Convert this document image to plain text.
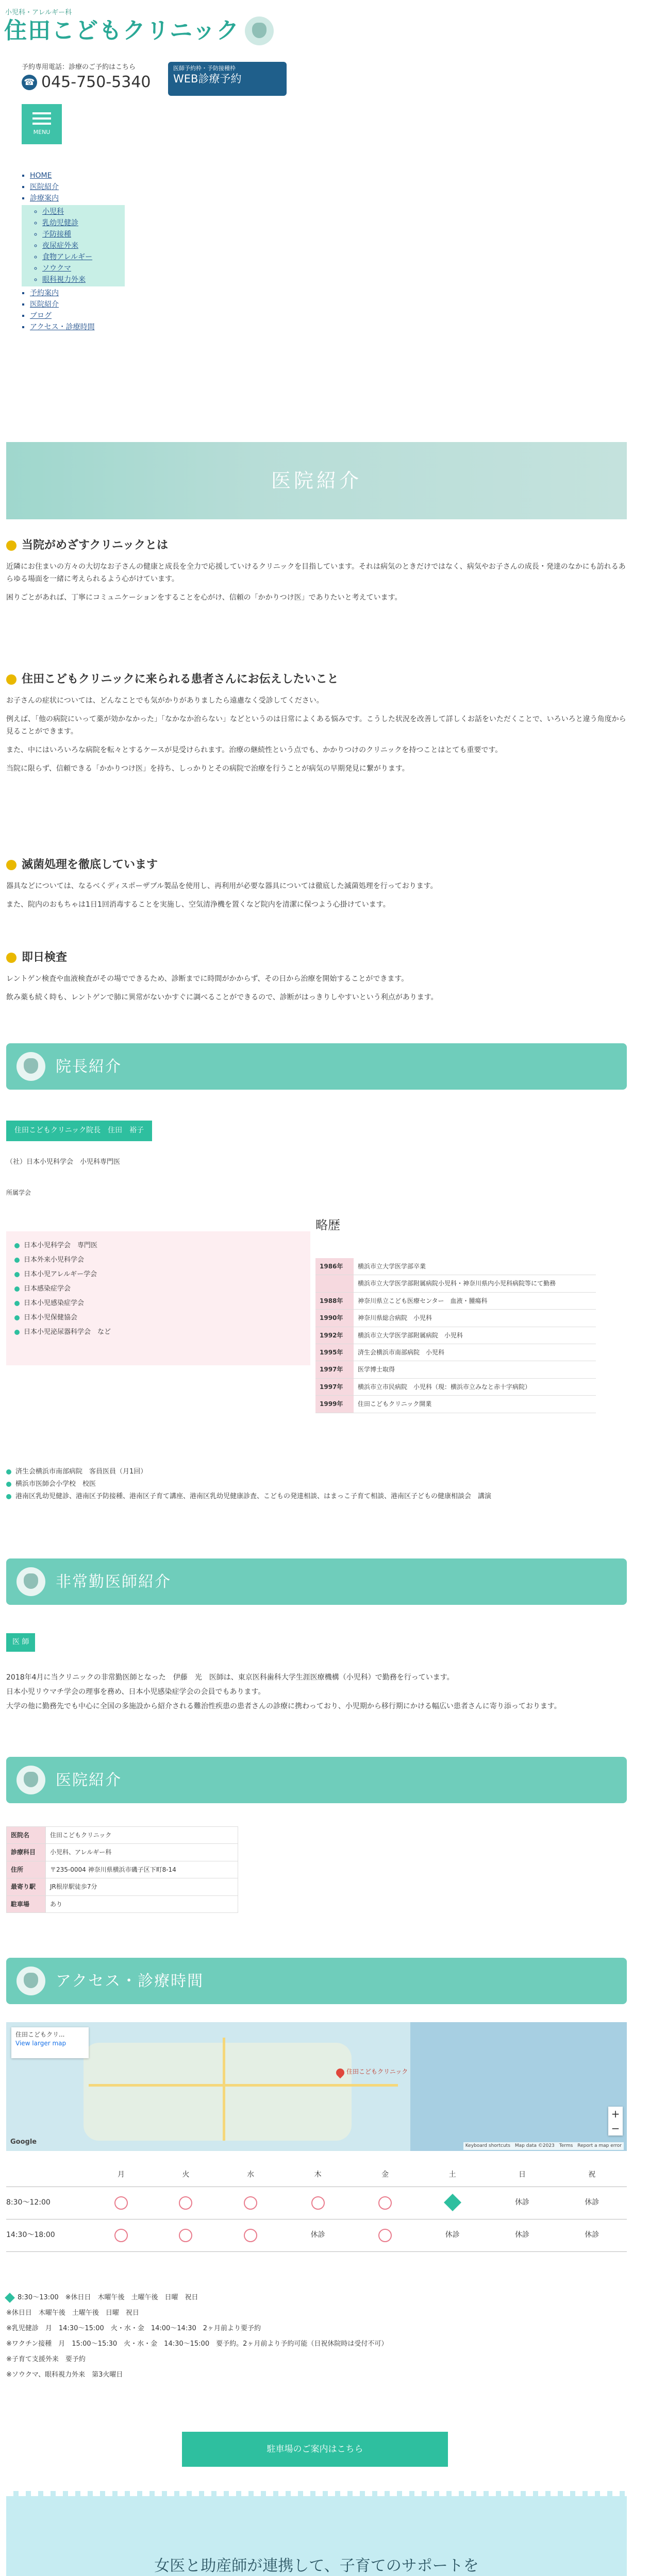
小児科・アレルギー科
住田こどもクリニック
予約専用電話：診療のご予約はこちら
☎ 045-750-5340
医師予約枠・予防接種枠
WEB診療予約
MENU
▪ HOME
▪ 医院紹介
▪ 診療案内
◦ 小児科
◦ 乳幼児健診
◦ 予防接種
◦ 夜尿症外来
◦ 食物アレルギー
◦ ソウクマ
◦ 眼科視力外来
▪ 予約案内
▪ 医院紹介
▪ ブログ
▪ アクセス・診療時間
医院紹介
当院がめざすクリニックとは

近隣にお住まいの方々の大切なお子さんの健康と成長を全力で応援していけるクリニックを目指しています。それは病気のときだけではなく、病気やお子さんの成長・発達のなかにも訪れるあらゆる場面を一緒に考えられるよう心がけています。

困りごとがあれば、丁寧にコミュニケーションをすることを心がけ、信頼の「かかりつけ医」でありたいと考えています。

住田こどもクリニックに来られる患者さんにお伝えしたいこと

お子さんの症状については、どんなことでも気がかりがありましたら遠慮なく受診してください。

例えば、「他の病院にいって薬が効かなかった」「なかなか治らない」などというのは日常によくある悩みです。こうした状況を改善して詳しくお話をいただくことで、いろいろと違う角度から見ることができます。

また、中にはいろいろな病院を転々とするケースが見受けられます。治療の継続性という点でも、かかりつけのクリニックを持つことはとても重要です。

当院に限らず、信頼できる「かかりつけ医」を持ち、しっかりとその病院で治療を行うことが病気の早期発見に繋がります。

滅菌処理を徹底しています

器具などについては、なるべくディスポーザブル製品を使用し、再利用が必要な器具については徹底した滅菌処理を行っております。

また、院内のおもちゃは1日1回消毒することを実施し、空気清浄機を置くなど院内を清潔に保つよう心掛けています。

即日検査

レントゲン検査や血液検査がその場でできるため、診断までに時間がかからず、その日から治療を開始することができます。

飲み薬も続く時も、レントゲンで肺に異常がないかすぐに調べることができるので、診断がはっきりしやすいという利点があります。

院長紹介
住田こどもクリニック院長　住田　裕子
（社）日本小児科学会　小児科専門医
所属学会
日本小児科学会　専門医
日本外来小児科学会
日本小児アレルギー学会
日本感染症学会
日本小児感染症学会
日本小児保健協会
日本小児泌尿器科学会　など
略歴
1986年	横浜市立大学医学部卒業
	横浜市立大学医学部附属病院小児科・神奈川県内小児科病院等にて勤務
1988年	神奈川県立こども医療センター　血液・腫瘍科
1990年	神奈川県総合病院　小児科
1992年	横浜市立大学医学部附属病院　小児科
1995年	済生会横浜市南部病院　小児科
1997年	医学博士取得
1997年	横浜市立市民病院　小児科（現：横浜市立みなと赤十字病院）
1999年	住田こどもクリニック開業
済生会横浜市南部病院　客員医員（月1回）
横浜市医師会小学校　校医
港南区乳幼児健診、港南区予防接種、港南区子育て講座、港南区乳幼児健康診査、こどもの発達相談、はまっこ子育て相談、港南区子どもの健康相談会　講演
非常勤医師紹介
医 師

2018年4月に当クリニックの非常勤医師となった　伊藤　光　医師は、東京医科歯科大学生涯医療機構（小児科）で勤務を行っています。

日本小児リウマチ学会の理事を務め、日本小児感染症学会の会員でもあります。

大学の他に勤務先でも中心に全国の多施設から紹介される難治性疾患の患者さんの診療に携わっており、小児期から移行期にかける幅広い患者さんに寄り添っております。

医院紹介
医院名	住田こどもクリニック
診療科目	小児科、アレルギー科
住所	〒235-0004 神奈川県横浜市磯子区下町8-14
最寄り駅	JR根岸駅徒歩7分
駐車場	あり
アクセス・診療時間
住田こどもクリ...
View larger map
住田こどもクリニック
+
−
Google	Keyboard shortcuts　Map data ©2023　Terms　Report a map error
	月	火	水	木	金	土	日	祝
8:30〜12:00							休診	休診
14:30〜18:00				休診		休診	休診	休診
8:30〜13:00　※休日日　木曜午後　土曜午後　日曜　祝日
※休日日　木曜午後　土曜午後　日曜　祝日
※乳児健診　月　14:30〜15:00　火・水・金　14:00〜14:30　2ヶ月前より要予約
※ワクチン接種　月　15:00〜15:30　火・水・金　14:30〜15:00　要予約。2ヶ月前より予約可能（日祝休院時は受付不可）
※子育て支援外来　要予約
※ソウクマ、眼科視力外来　第3火曜日
駐車場のご案内はこちら
女医と助産師が連携して、子育てのサポートを
